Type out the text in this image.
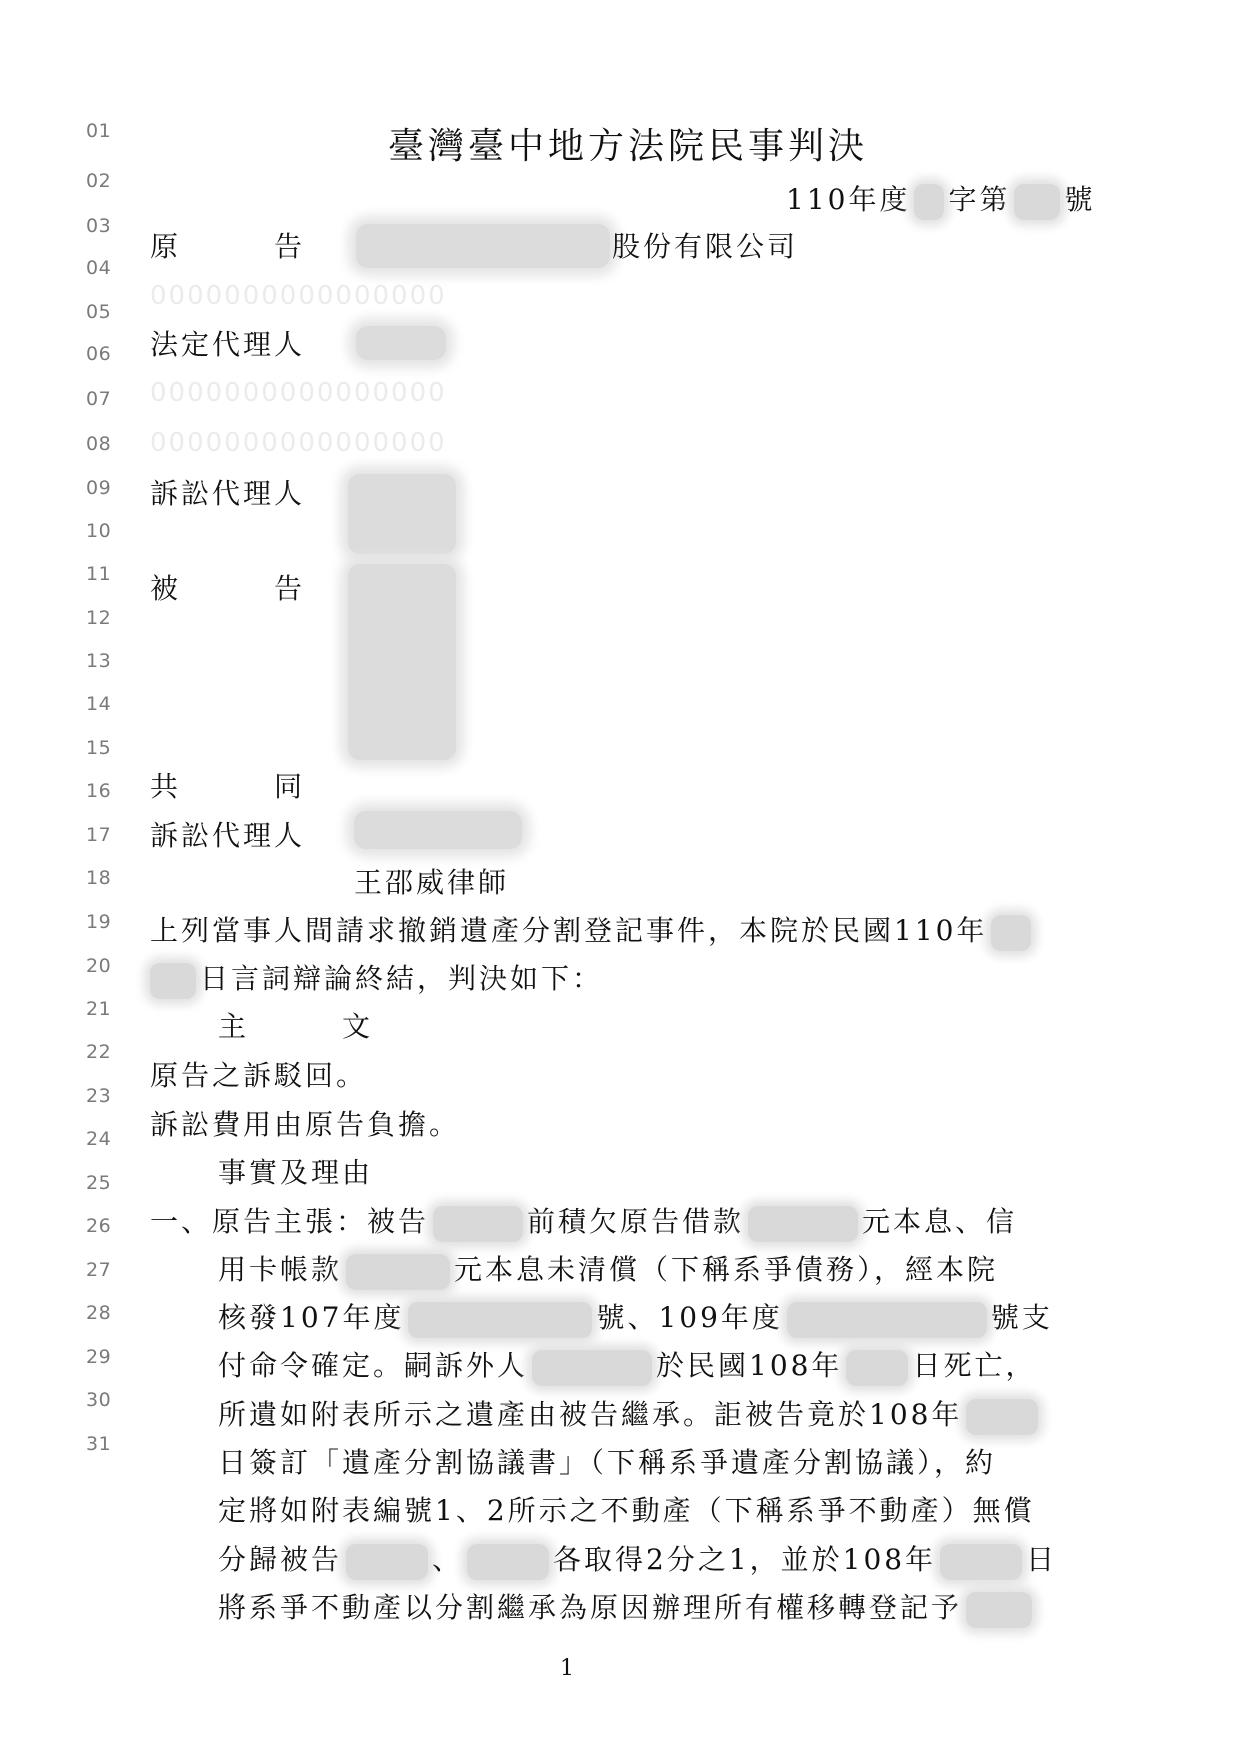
01
02
03
04
05
06
07
08
09
10
11
12
13
14
15
16
17
18
19
20
21
22
23
24
25
26
27
28
29
30
31
臺灣臺中地方法院民事判決
110年度 字第 號
原　　　告	股份有限公司
0000000000000000
0000000000000000
0000000000000000
法定代理人
訴訟代理人
被　　　告
共　　　同
訴訟代理人
王邵威律師
上列當事人間請求撤銷遺產分割登記事件，本院於民國110年
日言詞辯論終結，判決如下：
主　　　文
原告之訴駁回。
訴訟費用由原告負擔。
事實及理由
一、原告主張：被告	前積欠原告借款	元本息、信
用卡帳款	元本息未清償（下稱系爭債務），經本院
核發107年度	號、109年度	號支
付命令確定。嗣訴外人	於民國108年	日死亡，
所遺如附表所示之遺產由被告繼承。詎被告竟於108年
日簽訂「遺產分割協議書」（下稱系爭遺產分割協議），約
定將如附表編號1、2所示之不動產（下稱系爭不動產）無償
分歸被告	、	各取得2分之1，並於108年	日
將系爭不動產以分割繼承為原因辦理所有權移轉登記予
1
